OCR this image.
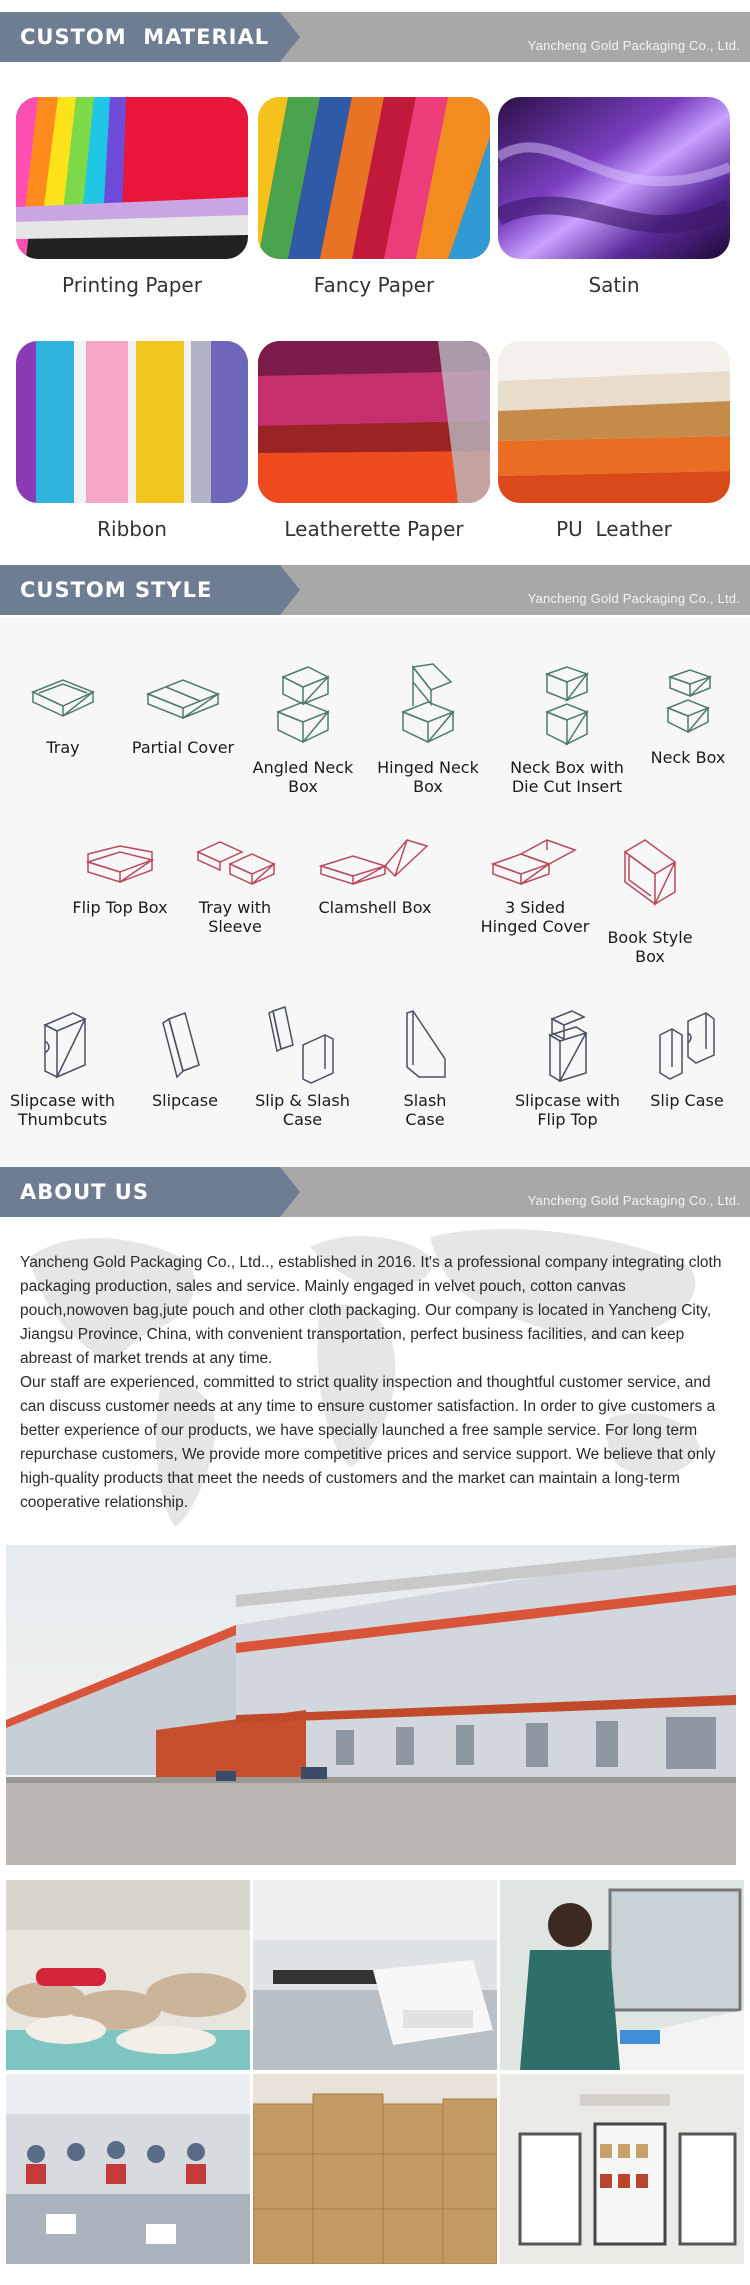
CUSTOM  MATERIAL	Yancheng Gold Packaging Co., Ltd.
Printing Paper	Fancy Paper	Satin
Ribbon	Leatherette Paper	PU  Leather
CUSTOM STYLE	Yancheng Gold Packaging Co., Ltd.
Tray	Partial Cover
Angled Neck
Box
Hinged Neck
Box
Neck Box with
Die Cut Insert
Neck Box
Flip Top Box	Tray with
Sleeve
Clamshell Box	3 Sided
Hinged Cover
Book Style
Box
Slipcase with
Thumbcuts
Slipcase	Slip & Slash
Case
Slash
Case
Slipcase with
Flip Top
Slip Case
ABOUT US	Yancheng Gold Packaging Co., Ltd.

Yancheng Gold Packaging Co., Ltd.., established in 2016. It's a professional company integrating cloth packaging production, sales and service. Mainly engaged in velvet pouch, cotton canvas pouch,nowoven bag,jute pouch and other cloth packaging. Our company is located in Yancheng City, Jiangsu Province, China, with convenient transportation, perfect business facilities, and can keep abreast of market trends at any time.

Our staff are experienced, committed to strict quality inspection and thoughtful customer service, and can discuss customer needs at any time to ensure customer satisfaction. In order to give customers a better experience of our products, we have specially launched a free sample service. For long term repurchase customers, We provide more competitive prices and service support. We believe that only high-quality products that meet the needs of customers and the market can maintain a long-term cooperative relationship.
